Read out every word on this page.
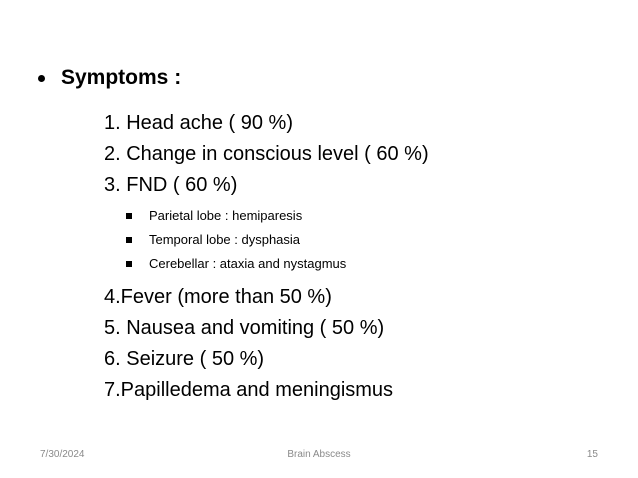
Symptoms :
1. Head ache ( 90 %)
2. Change in conscious level ( 60 %)
3. FND ( 60 %)
Parietal lobe : hemiparesis
Temporal lobe : dysphasia
Cerebellar : ataxia and nystagmus
4.Fever (more than 50 %)
5. Nausea and vomiting ( 50 %)
6. Seizure ( 50 %)
7.Papilledema and meningismus
7/30/2024	Brain Abscess	15
